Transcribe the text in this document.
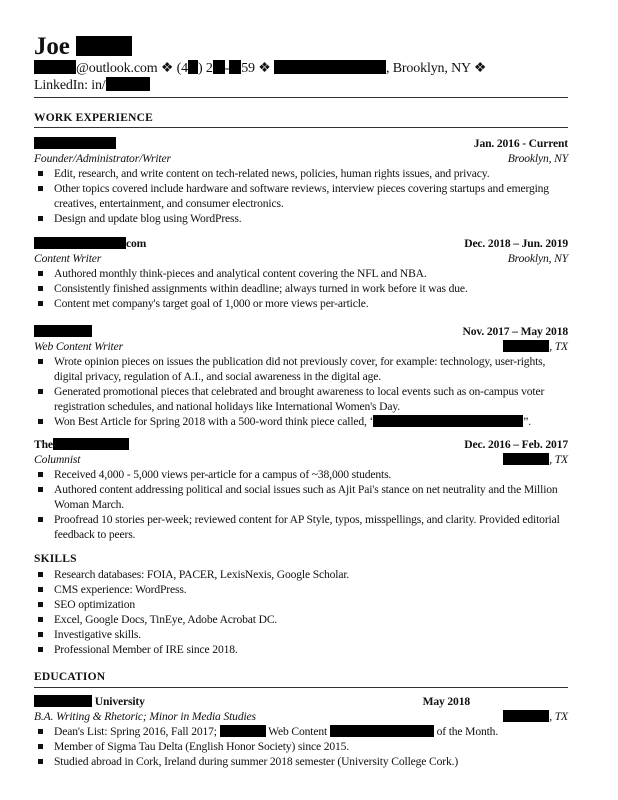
Joe
@outlook.com ❖ (4 ) 2 - 59 ❖	, Brooklyn, NY ❖
LinkedIn: in/
WORK EXPERIENCE
Jan. 2016 - Current
Founder/Administrator/Writer	Brooklyn, NY
Edit, research, and write content on tech-related news, policies, human rights issues, and privacy.
Other topics covered include hardware and software reviews, interview pieces covering startups and emerging
creatives, entertainment, and consumer electronics.
Design and update blog using WordPress.
com	Dec. 2018 – Jun. 2019
Content Writer	Brooklyn, NY
Authored monthly think-pieces and analytical content covering the NFL and NBA.
Consistently finished assignments within deadline; always turned in work before it was due.
Content met company's target goal of 1,000 or more views per-article.
Nov. 2017 – May 2018
Web Content Writer	, TX
Wrote opinion pieces on issues the publication did not previously cover, for example: technology, user-rights,
digital privacy, regulation of A.I., and social awareness in the digital age.
Generated promotional pieces that celebrated and brought awareness to local events such as on-campus voter
registration schedules, and national holidays like International Women's Day.
Won Best Article for Spring 2018 with a 500-word think piece called, ‘	”.
The	Dec. 2016 – Feb. 2017
Columnist	, TX
Received 4,000 - 5,000 views per-article for a campus of ~38,000 students.
Authored content addressing political and social issues such as Ajit Pai's stance on net neutrality and the Million
Woman March.
Proofread 10 stories per-week; reviewed content for AP Style, typos, misspellings, and clarity. Provided editorial
feedback to peers.
SKILLS
Research databases: FOIA, PACER, LexisNexis, Google Scholar.
CMS experience: WordPress.
SEO optimization
Excel, Google Docs, TinEye, Adobe Acrobat DC.
Investigative skills.
Professional Member of IRE since 2018.
EDUCATION
University	May 2018
B.A. Writing & Rhetoric; Minor in Media Studies	, TX
Dean's List: Spring 2016, Fall 2017;	Web Content	of the Month.
Member of Sigma Tau Delta (English Honor Society) since 2015.
Studied abroad in Cork, Ireland during summer 2018 semester (University College Cork.)
